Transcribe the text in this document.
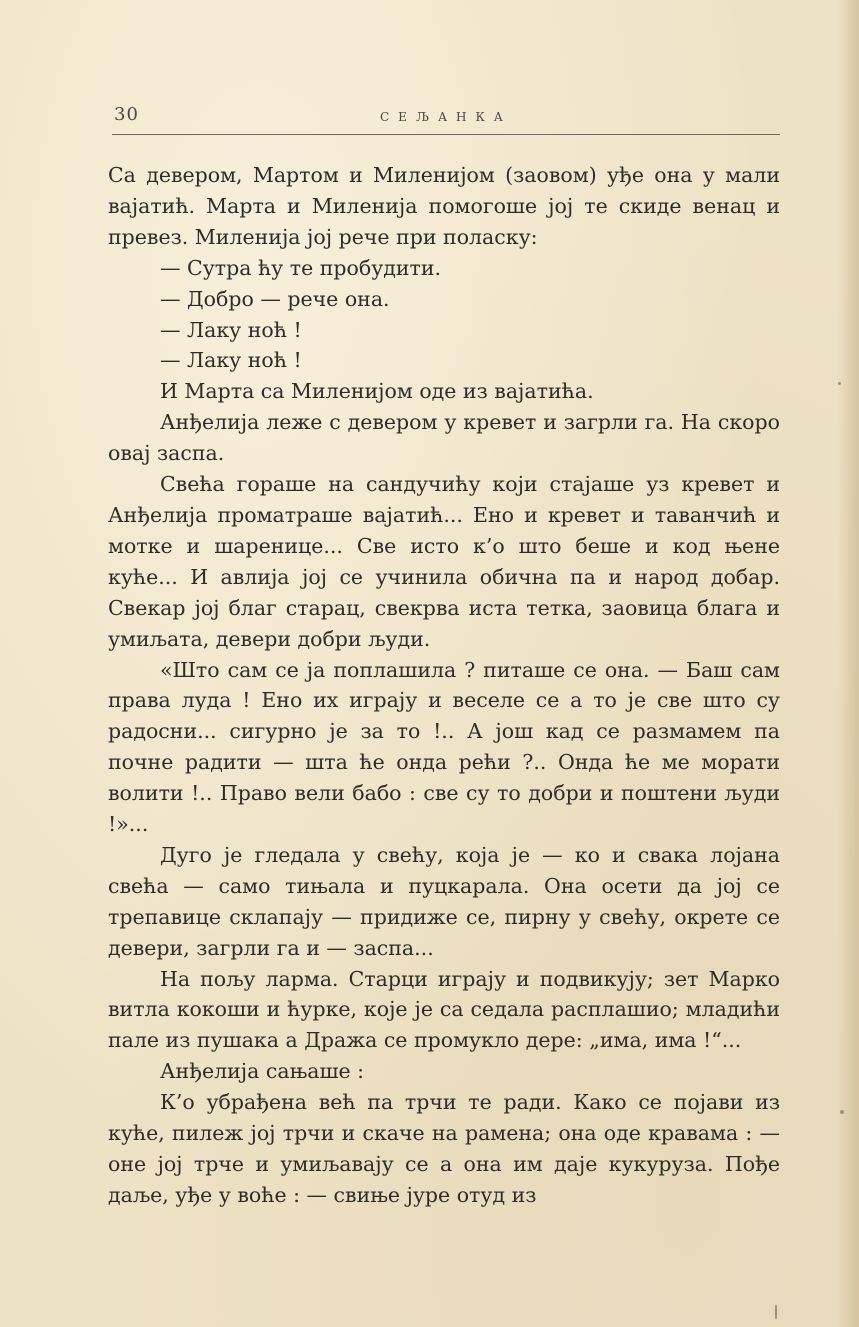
30	СЕЉАНКА

Са девером, Мартом и Миленијом (заовом) уђе она у мали вајатић. Марта и Миленија помогоше јој те скиде венац и превез. Миленија јој рече при поласку:

— Сутра ћу те пробудити.

— Добро — рече она.

— Лаку ноћ !

— Лаку ноћ !

И Марта са Миленијом оде из вајатића.

Анђелија леже с девером у кревет и загрли га. На скоро овај заспа.

Свећа гораше на сандучићу који стајаше уз кревет и Анђелија проматраше вајатић... Ено и кревет и таванчић и мотке и шаренице... Све исто к’о што беше и код њене куће... И авлија јој се учинила обична па и народ добар. Свекар јој благ старац, свекрва иста тетка, заовица блага и умиљата, девери добри људи.

«Што сам се ја поплашила ? питаше се она. — Баш сам права луда ! Ено их играју и веселе се а то је све што су радосни... сигурно је за то !.. А још кад се размамем па почне радити — шта ће онда рећи ?.. Онда ће ме морати волити !.. Право вели бабо : све су то добри и поштени људи !»...

Дуго је гледала у свећу, која је — ко и свака лојана свећа — само тињала и пуцкарала. Она осети да јој се трепавице склапају — придиже се, пирну у свећу, окрете се девери, загрли га и — заспа...

На пољу ларма. Старци играју и подвикују; зет Марко витла кокоши и ћурке, које је са седала расплашио; младићи пале из пушака а Дража се промукло дере: „има, има !“...

Анђелија сањаше :

К’о убрађена већ па трчи те ради. Како се појави из куће, пилеж јој трчи и скаче на рамена; она оде кравама : — оне јој трче и умиљавају се а она им даје кукуруза. Пође даље, уђе у воће : — свиње јуре отуд из
